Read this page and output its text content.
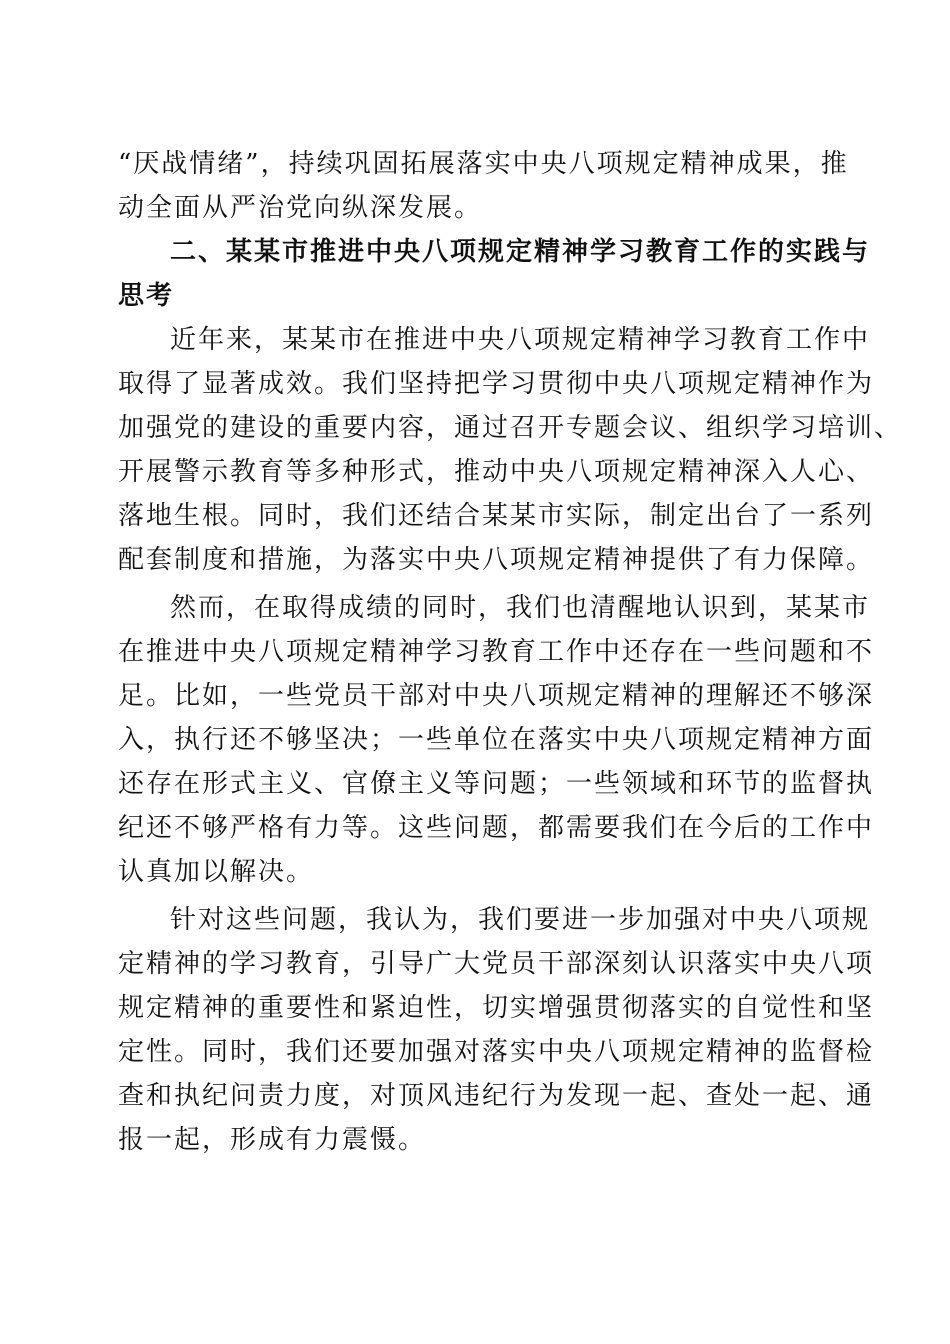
“厌战情绪”，持续巩固拓展落实中央八项规定精神成果，推
动全面从严治党向纵深发展。
二、某某市推进中央八项规定精神学习教育工作的实践与
思考
近年来，某某市在推进中央八项规定精神学习教育工作中
取得了显著成效。我们坚持把学习贯彻中央八项规定精神作为
加强党的建设的重要内容，通过召开专题会议、组织学习培训、
开展警示教育等多种形式，推动中央八项规定精神深入人心、
落地生根。同时，我们还结合某某市实际，制定出台了一系列
配套制度和措施，为落实中央八项规定精神提供了有力保障。
然而，在取得成绩的同时，我们也清醒地认识到，某某市
在推进中央八项规定精神学习教育工作中还存在一些问题和不
足。比如，一些党员干部对中央八项规定精神的理解还不够深
入，执行还不够坚决；一些单位在落实中央八项规定精神方面
还存在形式主义、官僚主义等问题；一些领域和环节的监督执
纪还不够严格有力等。这些问题，都需要我们在今后的工作中
认真加以解决。
针对这些问题，我认为，我们要进一步加强对中央八项规
定精神的学习教育，引导广大党员干部深刻认识落实中央八项
规定精神的重要性和紧迫性，切实增强贯彻落实的自觉性和坚
定性。同时，我们还要加强对落实中央八项规定精神的监督检
查和执纪问责力度，对顶风违纪行为发现一起、查处一起、通
报一起，形成有力震慑。
